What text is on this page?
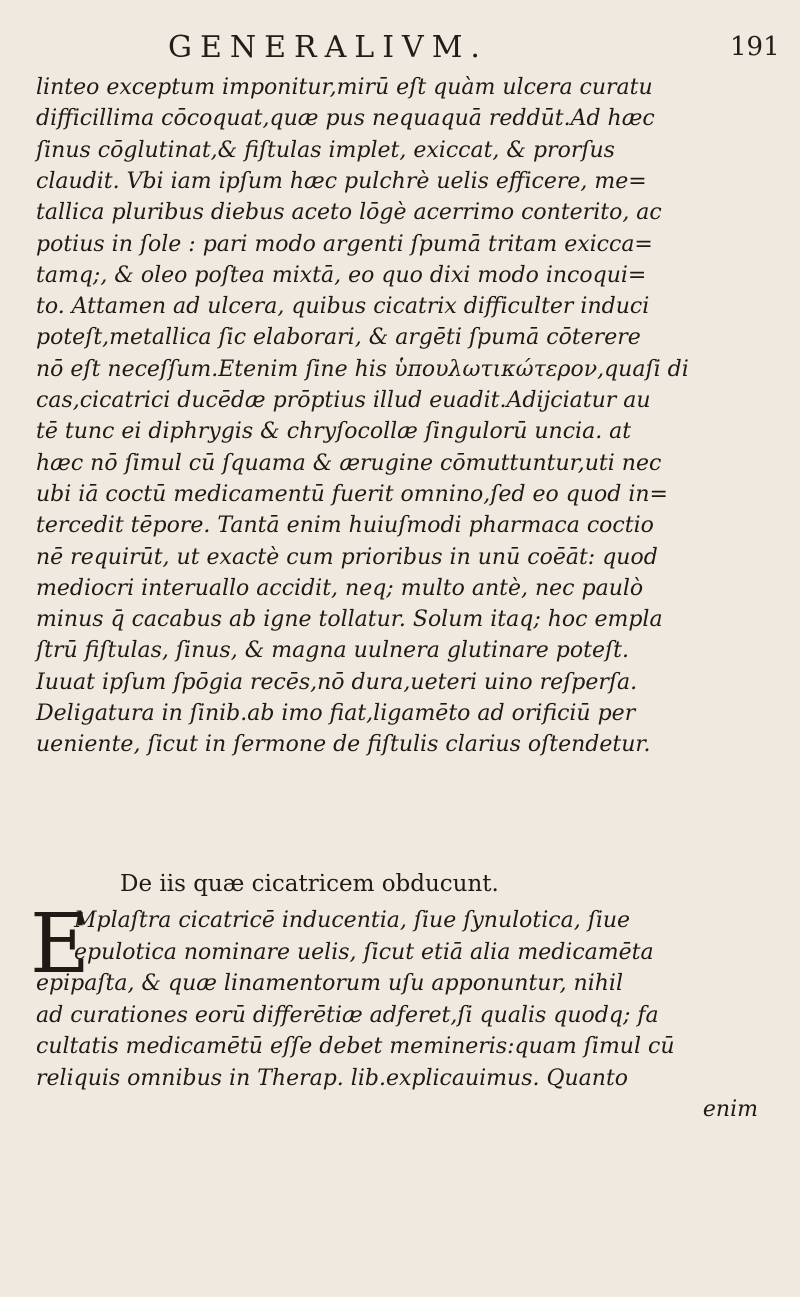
GENERALIVM.	191
linteo exceptum imponitur,mirū eſt quàm ulcera curatu
difficillima cōcoquat,quæ pus nequaquā reddūt.Ad hæc
ſinus cōglutinat,& fiſtulas implet, exiccat, & prorſus
claudit. Vbi iam ipſum hæc pulchrè uelis efficere, me=
tallica pluribus diebus aceto lōgè acerrimo conterito, ac
potius in ſole : pari modo argenti ſpumā tritam exicca=
tamq;, & oleo poſtea mixtā, eo quo dixi modo incoqui=
to. Attamen ad ulcera, quibus cicatrix difficulter induci
poteſt,metallica ſic elaborari, & argēti ſpumā cōterere
nō eſt neceſſum.Etenim ſine his ὑπουλωτικώτερον,quaſi di
cas,cicatrici ducēdæ prōptius illud euadit.Adijciatur au
tē tunc ei diphrygis & chryſocollæ ſingulorū uncia. at
hæc nō ſimul cū ſquama & ærugine cōmuttuntur,uti nec
ubi iā coctū medicamentū fuerit omnino,ſed eo quod in=
tercedit tēpore. Tantā enim huiuſmodi pharmaca coctio
nē requirūt, ut exactè cum prioribus in unū coēāt: quod
mediocri interuallo accidit, neq; multo antè, nec paulò
minus q̄ cacabus ab igne tollatur. Solum itaq; hoc empla
ſtrū fiſtulas, ſinus, & magna uulnera glutinare poteſt.
Iuuat ipſum ſpōgia recēs,nō dura,ueteri uino reſperſa.
Deligatura in ſinib.ab imo fiat,ligamēto ad orificiū per
ueniente, ſicut in ſermone de fiſtulis clarius oſtendetur.
De iis quæ cicatricem obducunt.
E
Mplaſtra cicatricē inducentia, ſiue ſynulotica, ſiue
epulotica nominare uelis, ſicut etiā alia medicamēta
epipaſta, & quæ linamentorum uſu apponuntur, nihil
ad curationes eorū differētiæ adferet,ſi qualis quodq; fa
cultatis medicamētū eſſe debet memineris:quam ſimul cū
reliquis omnibus in Therap. lib.explicauimus. Quanto
enim
